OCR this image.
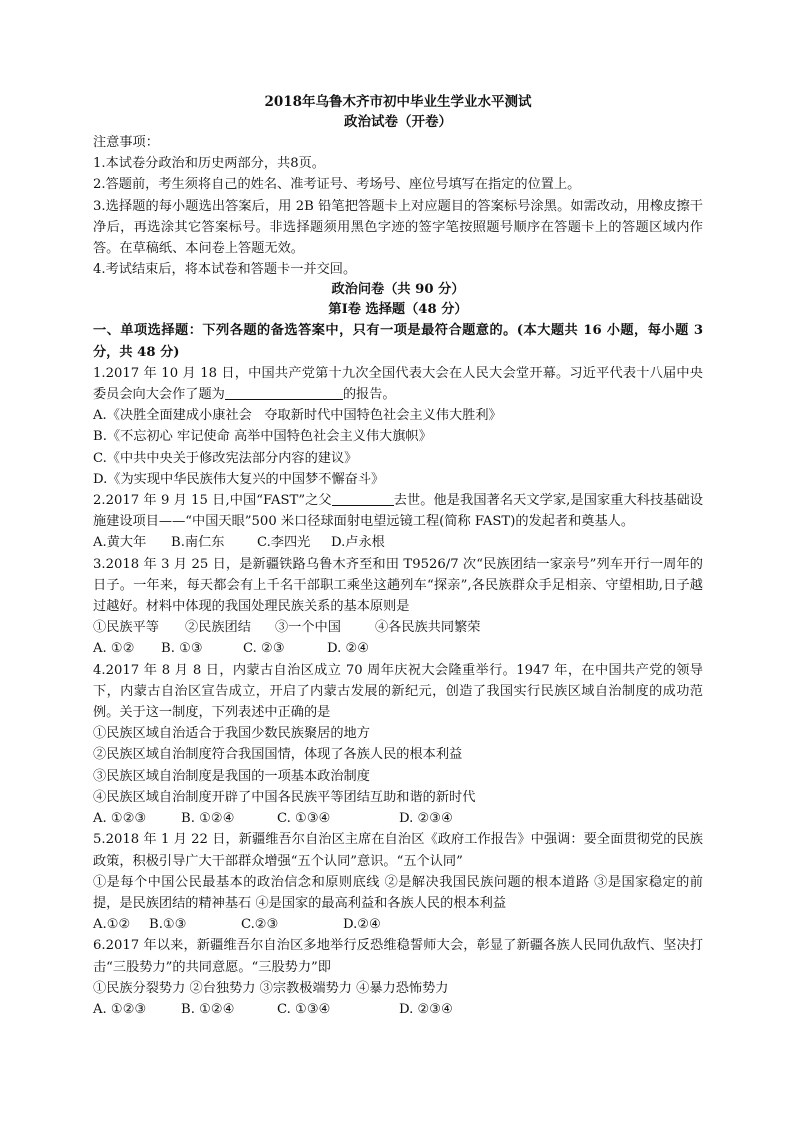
2018年乌鲁木齐市初中毕业生学业水平测试
政治试卷（开卷）
注意事项：
1.本试卷分政治和历史两部分，共8页。
2.答题前，考生须将自己的姓名、准考证号、考场号、座位号填写在指定的位置上。
3.选择题的每小题选出答案后，用 2B 铅笔把答题卡上对应题目的答案标号涂黑。如需改动，用橡皮擦干净后，再选涂其它答案标号。非选择题须用黑色字迹的签字笔按照题号顺序在答题卡上的答题区域内作答。在草稿纸、本问卷上答题无效。
4.考试结束后，将本试卷和答题卡一并交回。
政治问卷（共 90 分）
第Ⅰ卷 选择题（48 分）
一、单项选择题：下列各题的备选答案中，只有一项是最符合题意的。(本大题共 16 小题，每小题 3 分，共 48 分)
1.2017 年 10 月 18 日，中国共产党第十九次全国代表大会在人民大会堂开幕。习近平代表十八届中央委员会向大会作了题为	的报告。
A.《决胜全面建成小康社会   夺取新时代中国特色社会主义伟大胜利》
B.《不忘初心 牢记使命 高举中国特色社会主义伟大旗帜》
C.《中共中央关于修改宪法部分内容的建议》
D.《为实现中华民族伟大复兴的中国梦不懈奋斗》
2.2017 年 9 月 15 日,中国“FAST”之父	去世。他是我国著名天文学家,是国家重大科技基础设施建设项目——“中国天眼”500 米口径球面射电望远镜工程(简称 FAST)的发起者和奠基人。
A.黄大年	B.南仁东	C.李四光	D.卢永根
3.2018 年 3 月 25 日，是新疆铁路乌鲁木齐至和田 T9526/7 次“民族团结一家亲号”列车开行一周年的日子。一年来，每天都会有上千名干部职工乘坐这趟列车“探亲”,各民族群众手足相亲、守望相助,日子越过越好。材料中体现的我国处理民族关系的基本原则是
①民族平等	②民族团结	③一个中国	④各民族共同繁荣
A. ①②	B. ①③	C. ②③	D. ②④
4.2017 年 8 月 8 日，内蒙古自治区成立 70 周年庆祝大会隆重举行。1947 年，在中国共产党的领导下，内蒙古自治区宣告成立，开启了内蒙古发展的新纪元，创造了我国实行民族区域自治制度的成功范例。关于这一制度，下列表述中正确的是
①民族区域自治适合于我国少数民族聚居的地方
②民族区域自治制度符合我国国情，体现了各族人民的根本利益
③民族区域自治制度是我国的一项基本政治制度
④民族区域自治制度开辟了中国各民族平等团结互助和谐的新时代
A. ①②③	B. ①②④	C. ①③④	D. ②③④
5.2018 年 1 月 22 日，新疆维吾尔自治区主席在自治区《政府工作报告》中强调：要全面贯彻党的民族政策，积极引导广大干部群众增强“五个认同”意识。“五个认同”
①是每个中国公民最基本的政治信念和原则底线 ②是解决我国民族问题的根本道路 ③是国家稳定的前提，是民族团结的精神基石 ④是国家的最高利益和各族人民的根本利益
A.①②	B.①③	C.②③	D.②④
6.2017 年以来，新疆维吾尔自治区多地举行反恐维稳誓师大会，彰显了新疆各族人民同仇敌忾、坚决打击“三股势力”的共同意愿。“三股势力”即
①民族分裂势力 ②台独势力 ③宗教极端势力 ④暴力恐怖势力
A. ①②③	B. ①②④	C. ①③④	D. ②③④
